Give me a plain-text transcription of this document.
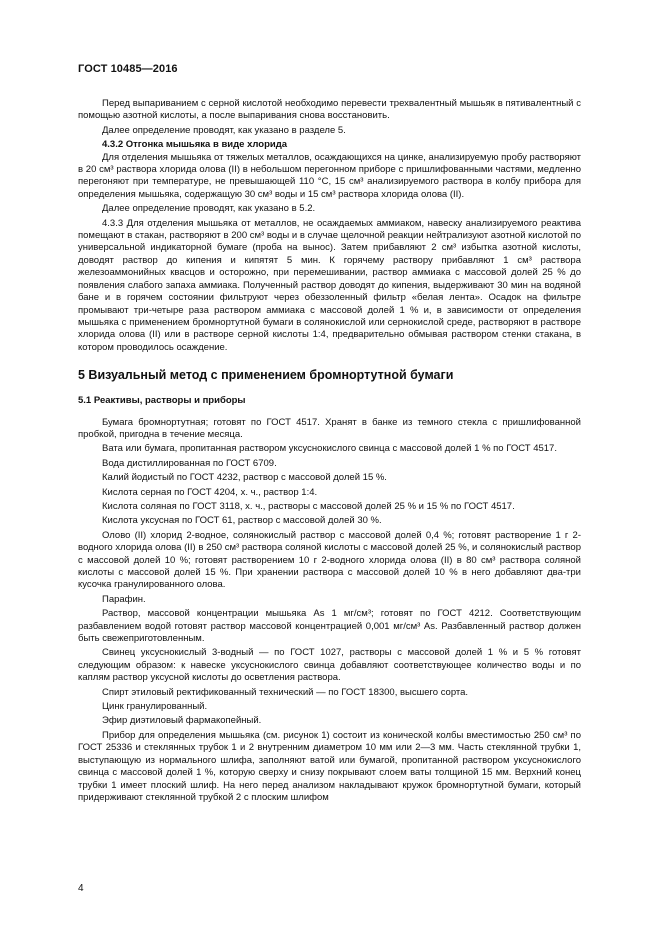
ГОСТ 10485—2016

Перед выпариванием с серной кислотой необходимо перевести трехвалентный мышьяк в пятивалентный с помощью азотной кислоты, а после выпаривания снова восстановить.

Далее определение проводят, как указано в разделе 5.

4.3.2 Отгонка мышьяка в виде хлорида

Для отделения мышьяка от тяжелых металлов, осаждающихся на цинке, анализируемую пробу растворяют в 20 см³ раствора хлорида олова (II) в небольшом перегонном приборе с пришлифованными частями, медленно перегоняют при температуре, не превышающей 110 °С, 15 см³ анализируемого раствора в колбу прибора для определения мышьяка, содержащую 30 см³ воды и 15 см³ раствора хлорида олова (II).

Далее определение проводят, как указано в 5.2.

4.3.3 Для отделения мышьяка от металлов, не осаждаемых аммиаком, навеску анализируемого реактива помещают в стакан, растворяют в 200 см³ воды и в случае щелочной реакции нейтрализуют азотной кислотой по универсальной индикаторной бумаге (проба на вынос). Затем прибавляют 2 см³ избытка азотной кислоты, доводят раствор до кипения и кипятят 5 мин. К горячему раствору прибавляют 1 см³ раствора железоаммонийных квасцов и осторожно, при перемешивании, раствор аммиака с массовой долей 25 % до появления слабого запаха аммиака. Полученный раствор доводят до кипения, выдерживают 30 мин на водяной бане и в горячем состоянии фильтруют через обеззоленный фильтр «белая лента». Осадок на фильтре промывают три-четыре раза раствором аммиака с массовой долей 1 % и, в зависимости от определения мышьяка с применением бромнортутной бумаги в солянокислой или сернокислой среде, растворяют в растворе хлорида олова (II) или в растворе серной кислоты 1:4, предварительно обмывая раствором стенки стакана, в котором проводилось осаждение.

5 Визуальный метод с применением бромнортутной бумаги
5.1 Реактивы, растворы и приборы

Бумага бромнортутная; готовят по ГОСТ 4517. Хранят в банке из темного стекла с пришлифованной пробкой, пригодна в течение месяца.

Вата или бумага, пропитанная раствором уксуснокислого свинца с массовой долей 1 % по ГОСТ 4517.

Вода дистиллированная по ГОСТ 6709.

Калий йодистый по ГОСТ 4232, раствор с массовой долей 15 %.

Кислота серная по ГОСТ 4204, х. ч., раствор 1:4.

Кислота соляная по ГОСТ 3118, х. ч., растворы с массовой долей 25 % и 15 % по ГОСТ 4517.

Кислота уксусная по ГОСТ 61, раствор с массовой долей 30 %.

Олово (II) хлорид 2-водное, солянокислый раствор с массовой долей 0,4 %; готовят растворение 1 г 2-водного хлорида олова (II) в 250 см³ раствора соляной кислоты с массовой долей 25 %, и солянокислый раствор с массовой долей 10 %; готовят растворением 10 г 2-водного хлорида олова (II) в 80 см³ раствора соляной кислоты с массовой долей 15 %. При хранении раствора с массовой долей 10 % в него добавляют два-три кусочка гранулированного олова.

Парафин.

Раствор, массовой концентрации мышьяка As 1 мг/см³; готовят по ГОСТ 4212. Соответствующим разбавлением водой готовят раствор массовой концентрацией 0,001 мг/см³ As. Разбавленный раствор должен быть свежеприготовленным.

Свинец уксуснокислый 3-водный — по ГОСТ 1027, растворы с массовой долей 1 % и 5 % готовят следующим образом: к навеске уксуснокислого свинца добавляют соответствующее количество воды и по каплям раствор уксусной кислоты до осветления раствора.

Спирт этиловый ректификованный технический — по ГОСТ 18300, высшего сорта.

Цинк гранулированный.

Эфир диэтиловый фармакопейный.

Прибор для определения мышьяка (см. рисунок 1) состоит из конической колбы вместимостью 250 см³ по ГОСТ 25336 и стеклянных трубок 1 и 2 внутренним диаметром 10 мм или 2—3 мм. Часть стеклянной трубки 1, выступающую из нормального шлифа, заполняют ватой или бумагой, пропитанной раствором уксуснокислого свинца с массовой долей 1 %, которую сверху и снизу покрывают слоем ваты толщиной 15 мм. Верхний конец трубки 1 имеет плоский шлиф. На него перед анализом накладывают кружок бромнортутной бумаги, который придерживают стеклянной трубкой 2 с плоским шлифом

4
